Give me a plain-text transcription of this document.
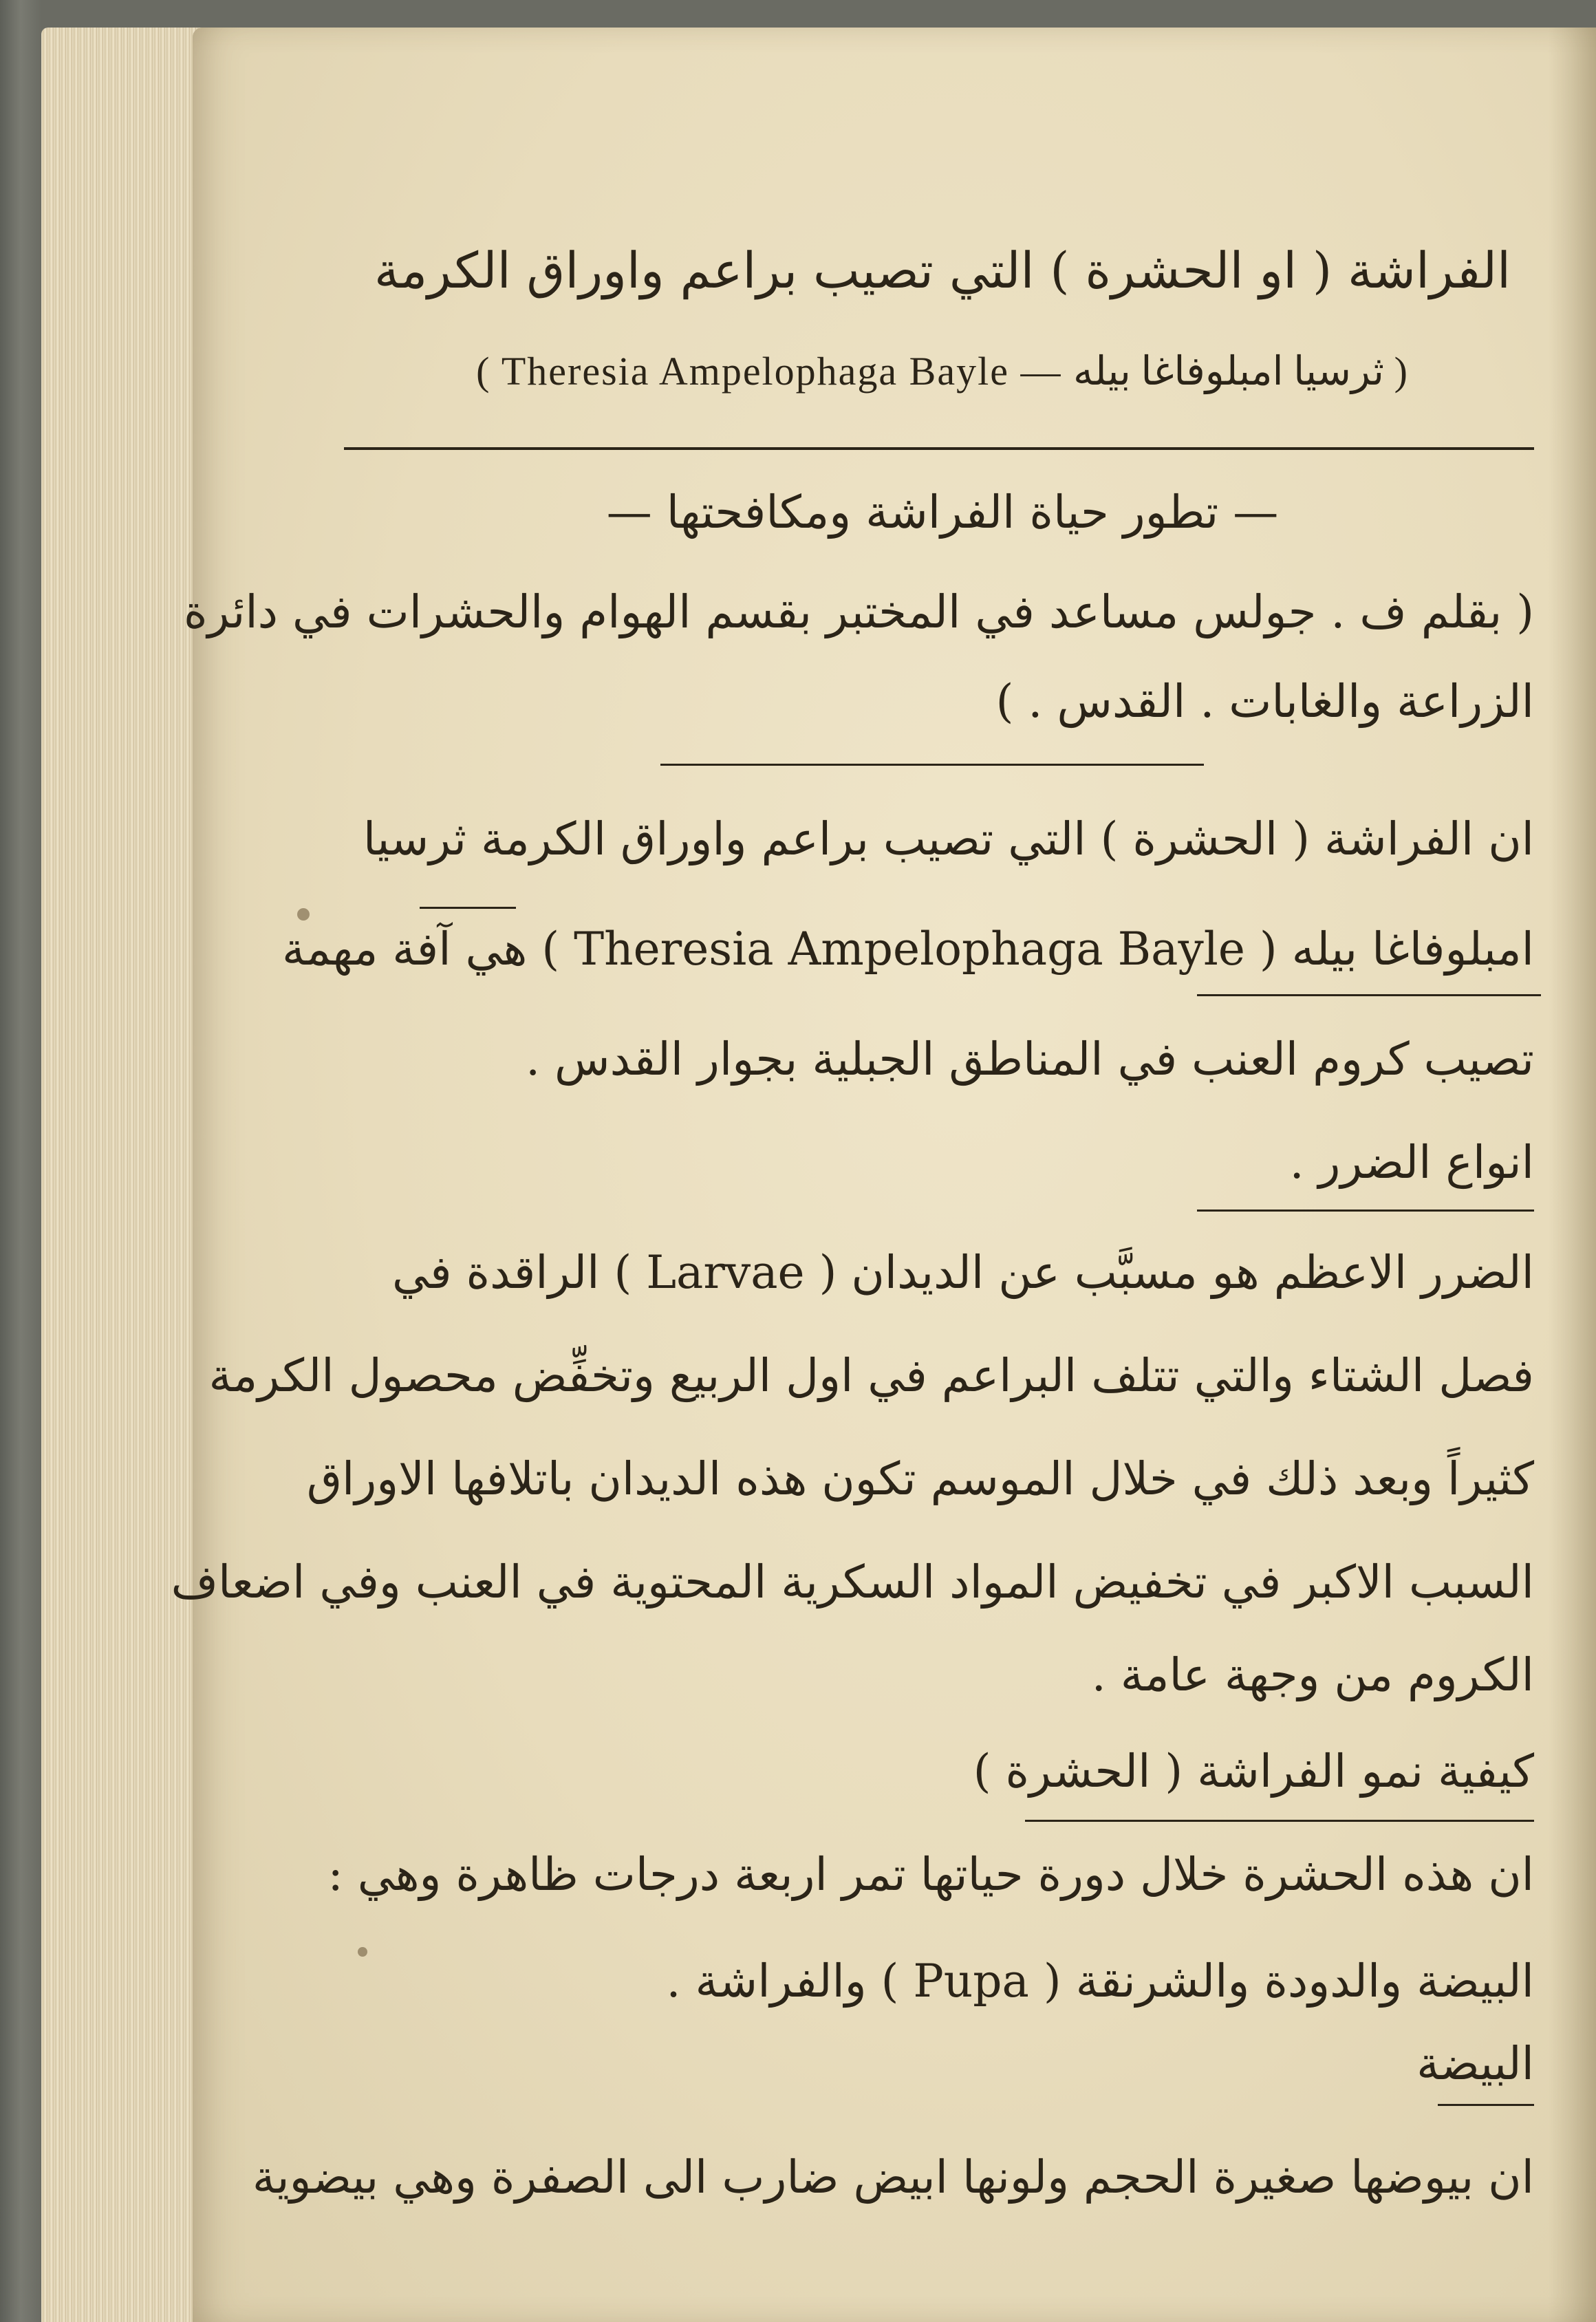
الفراشة ( او الحشرة ) التي تصيب براعم واوراق الكرمة
( Theresia Ampelophaga Bayle — ثرسيا امبلوفاغا بيله )
— تطور حياة الفراشة ومكافحتها —
( بقلم ف . جولس مساعد في المختبر بقسم الهوام والحشرات في دائرة
الزراعة والغابات . القدس . )
ان الفراشة ( الحشرة ) التي تصيب براعم واوراق الكرمة ثرسيا
امبلوفاغا بيله ( Theresia Ampelophaga Bayle ) هي آفة مهمة
تصيب كروم العنب في المناطق الجبلية بجوار القدس .
انواع الضرر .
الضرر الاعظم هو مسبَّب عن الديدان ( Larvae ) الراقدة في
فصل الشتاء والتي تتلف البراعم في اول الربيع وتخفِّض محصول الكرمة
كثيراً وبعد ذلك في خلال الموسم تكون هذه الديدان باتلافها الاوراق
السبب الاكبر في تخفيض المواد السكرية المحتوية في العنب وفي اضعاف
الكروم من وجهة عامة .
كيفية نمو الفراشة ( الحشرة )
ان هذه الحشرة خلال دورة حياتها تمر اربعة درجات ظاهرة وهي :
البيضة والدودة والشرنقة ( Pupa ) والفراشة .
البيضة
ان بيوضها صغيرة الحجم ولونها ابيض ضارب الى الصفرة وهي بيضوية
